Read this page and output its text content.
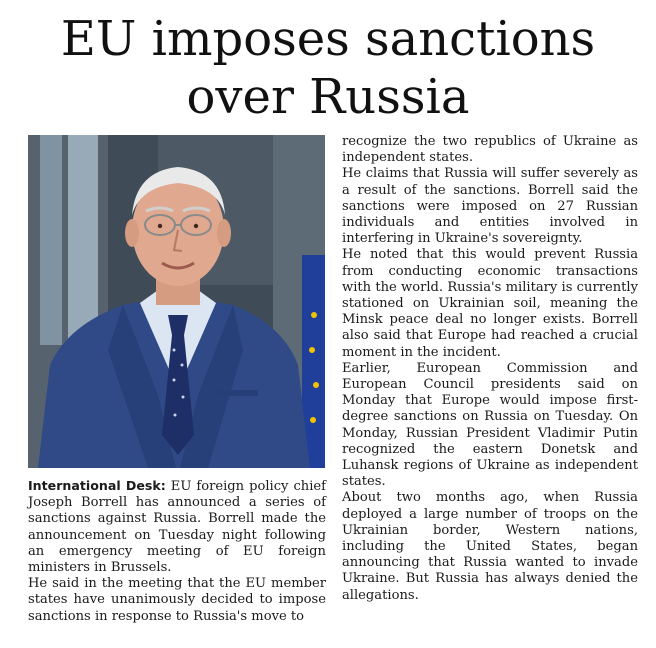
EU imposes sanctions
over Russia

International Desk: EU foreign policy chief Joseph Borrell has announced a series of sanctions against Russia. Borrell made the announcement on Tuesday night following an emergency meeting of EU foreign ministers in Brussels.

He said in the meeting that the EU member states have unanimously decided to impose sanctions in response to Russia's move to

recognize the two republics of Ukraine as independent states.

He claims that Russia will suffer severely as a result of the sanctions. Borrell said the sanctions were imposed on 27 Russian individuals and entities involved in interfering in Ukraine's sovereignty.

He noted that this would prevent Russia from conducting economic transactions with the world. Russia's military is currently stationed on Ukrainian soil, meaning the Minsk peace deal no longer exists. Borrell also said that Europe had reached a crucial moment in the incident.

Earlier, European Commission and European Council presidents said on Monday that Europe would impose first-degree sanctions on Russia on Tuesday. On Monday, Russian President Vladimir Putin recognized the eastern Donetsk and Luhansk regions of Ukraine as independent states.

About two months ago, when Russia deployed a large number of troops on the Ukrainian border, Western nations, including the United States, began announcing that Russia wanted to invade Ukraine. But Russia has always denied the allegations.
